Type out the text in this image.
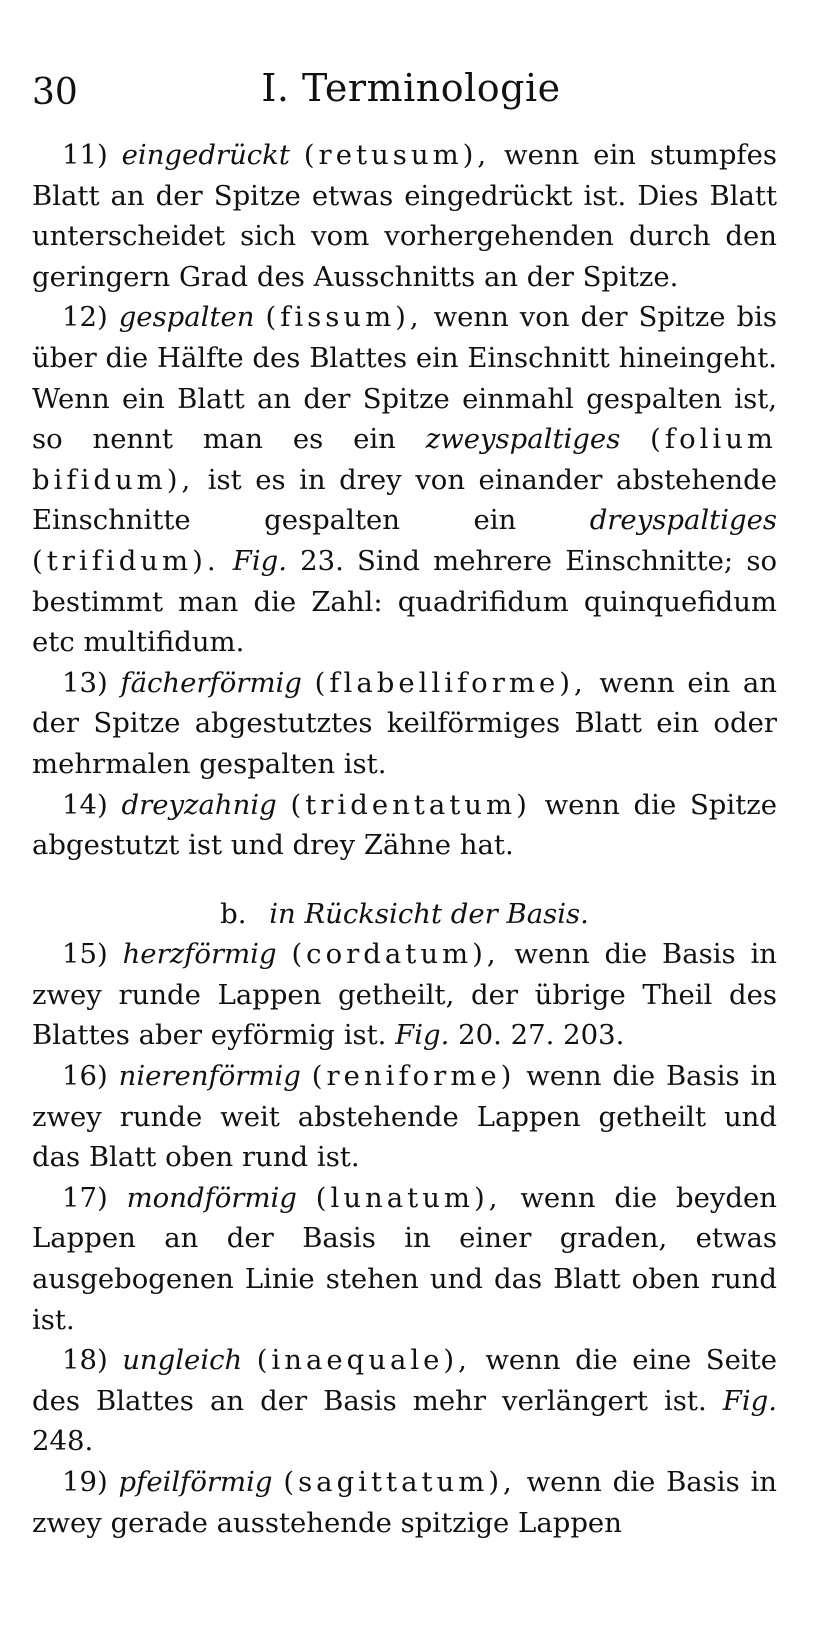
30	I. Terminologie

11) eingedrückt (retusum), wenn ein stumpfes Blatt an der Spitze etwas eingedrückt ist. Dies Blatt unterscheidet sich vom vorhergehenden durch den geringern Grad des Ausschnitts an der Spitze.

12) gespalten (fissum), wenn von der Spitze bis über die Hälfte des Blattes ein Einschnitt hineingeht. Wenn ein Blatt an der Spitze einmahl gespalten ist, so nennt man es ein zweyspaltiges (folium bifidum), ist es in drey von einander abstehende Einschnitte gespalten ein dreyspaltiges (trifidum). Fig. 23. Sind mehrere Einschnitte; so bestimmt man die Zahl: quadrifidum quinquefidum etc multifidum.

13) fächerförmig (flabelliforme), wenn ein an der Spitze abgestutztes keilförmiges Blatt ein oder mehrmalen gespalten ist.

14) dreyzahnig (tridentatum) wenn die Spitze abgestutzt ist und drey Zähne hat.

b. in Rücksicht der Basis.

15) herzförmig (cordatum), wenn die Basis in zwey runde Lappen getheilt, der übrige Theil des Blattes aber eyförmig ist. Fig. 20. 27. 203.

16) nierenförmig (reniforme) wenn die Basis in zwey runde weit abstehende Lappen getheilt und das Blatt oben rund ist.

17) mondförmig (lunatum), wenn die beyden Lappen an der Basis in einer graden, etwas ausgebogenen Linie stehen und das Blatt oben rund ist.

18) ungleich (inaequale), wenn die eine Seite des Blattes an der Basis mehr verlängert ist. Fig. 248.

19) pfeilförmig (sagittatum), wenn die Basis in zwey gerade ausstehende spitzige Lappen
